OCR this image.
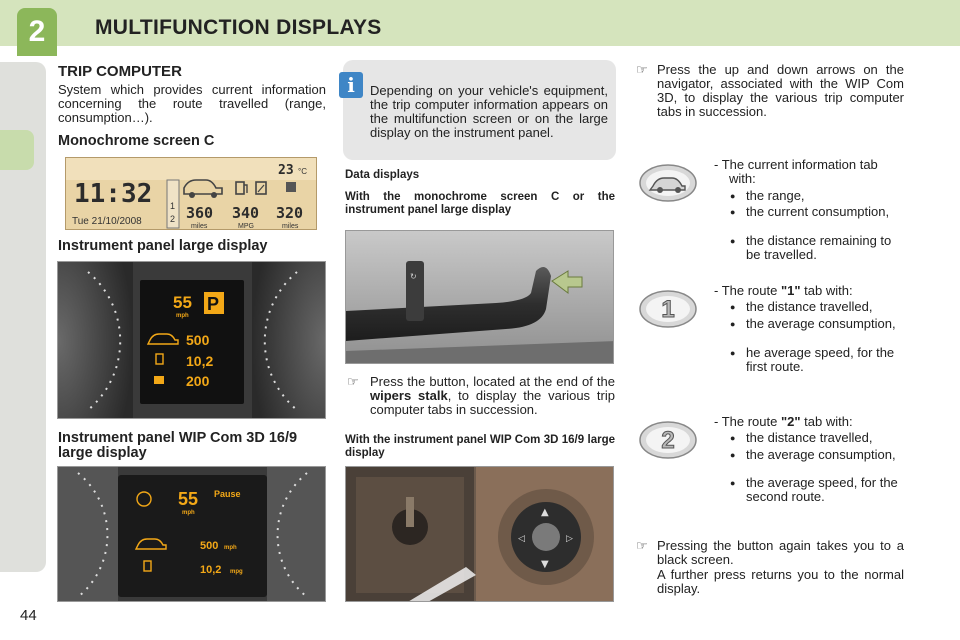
2	MULTIFUNCTION DISPLAYS
44
TRIP COMPUTER
System which provides current information concerning the route travelled (range, consumption…).
Monochrome screen C
11:32
23 °C
Tue 21/10/2008
1
2 360 340 320
miles	MPG	miles
Instrument panel large display
55
mph
P
500
10,2
200
Instrument panel WIP Com 3D 16/9 large display
55
mph
Pause
500 mph
10,2 mpg
i	Depending on your vehicle's equipment, the trip computer information appears on the multifunction screen or on the large display on the instrument panel.
Data displays
With the monochrome screen C or the instrument panel large display
↻
☞ Press the button, located at the end of the wipers stalk, to display the various trip computer tabs in succession.
With the instrument panel WIP Com 3D 16/9 large display
▲
▼
◁	▷
☞ Press the up and down arrows on the navigator, associated with the WIP Com 3D, to display the various trip computer tabs in succession.
1
2
- The current information tab with:
● the range,
● the current consumption,
● the distance remaining to be travelled.
- The route "1" tab with:
● the distance travelled,
● the average consumption,
● he average speed, for the first route.
- The route "2" tab with:
● the distance travelled,
● the average consumption,
● the average speed, for the second route.
☞ Pressing the button again takes you to a black screen.
A further press returns you to the normal display.
